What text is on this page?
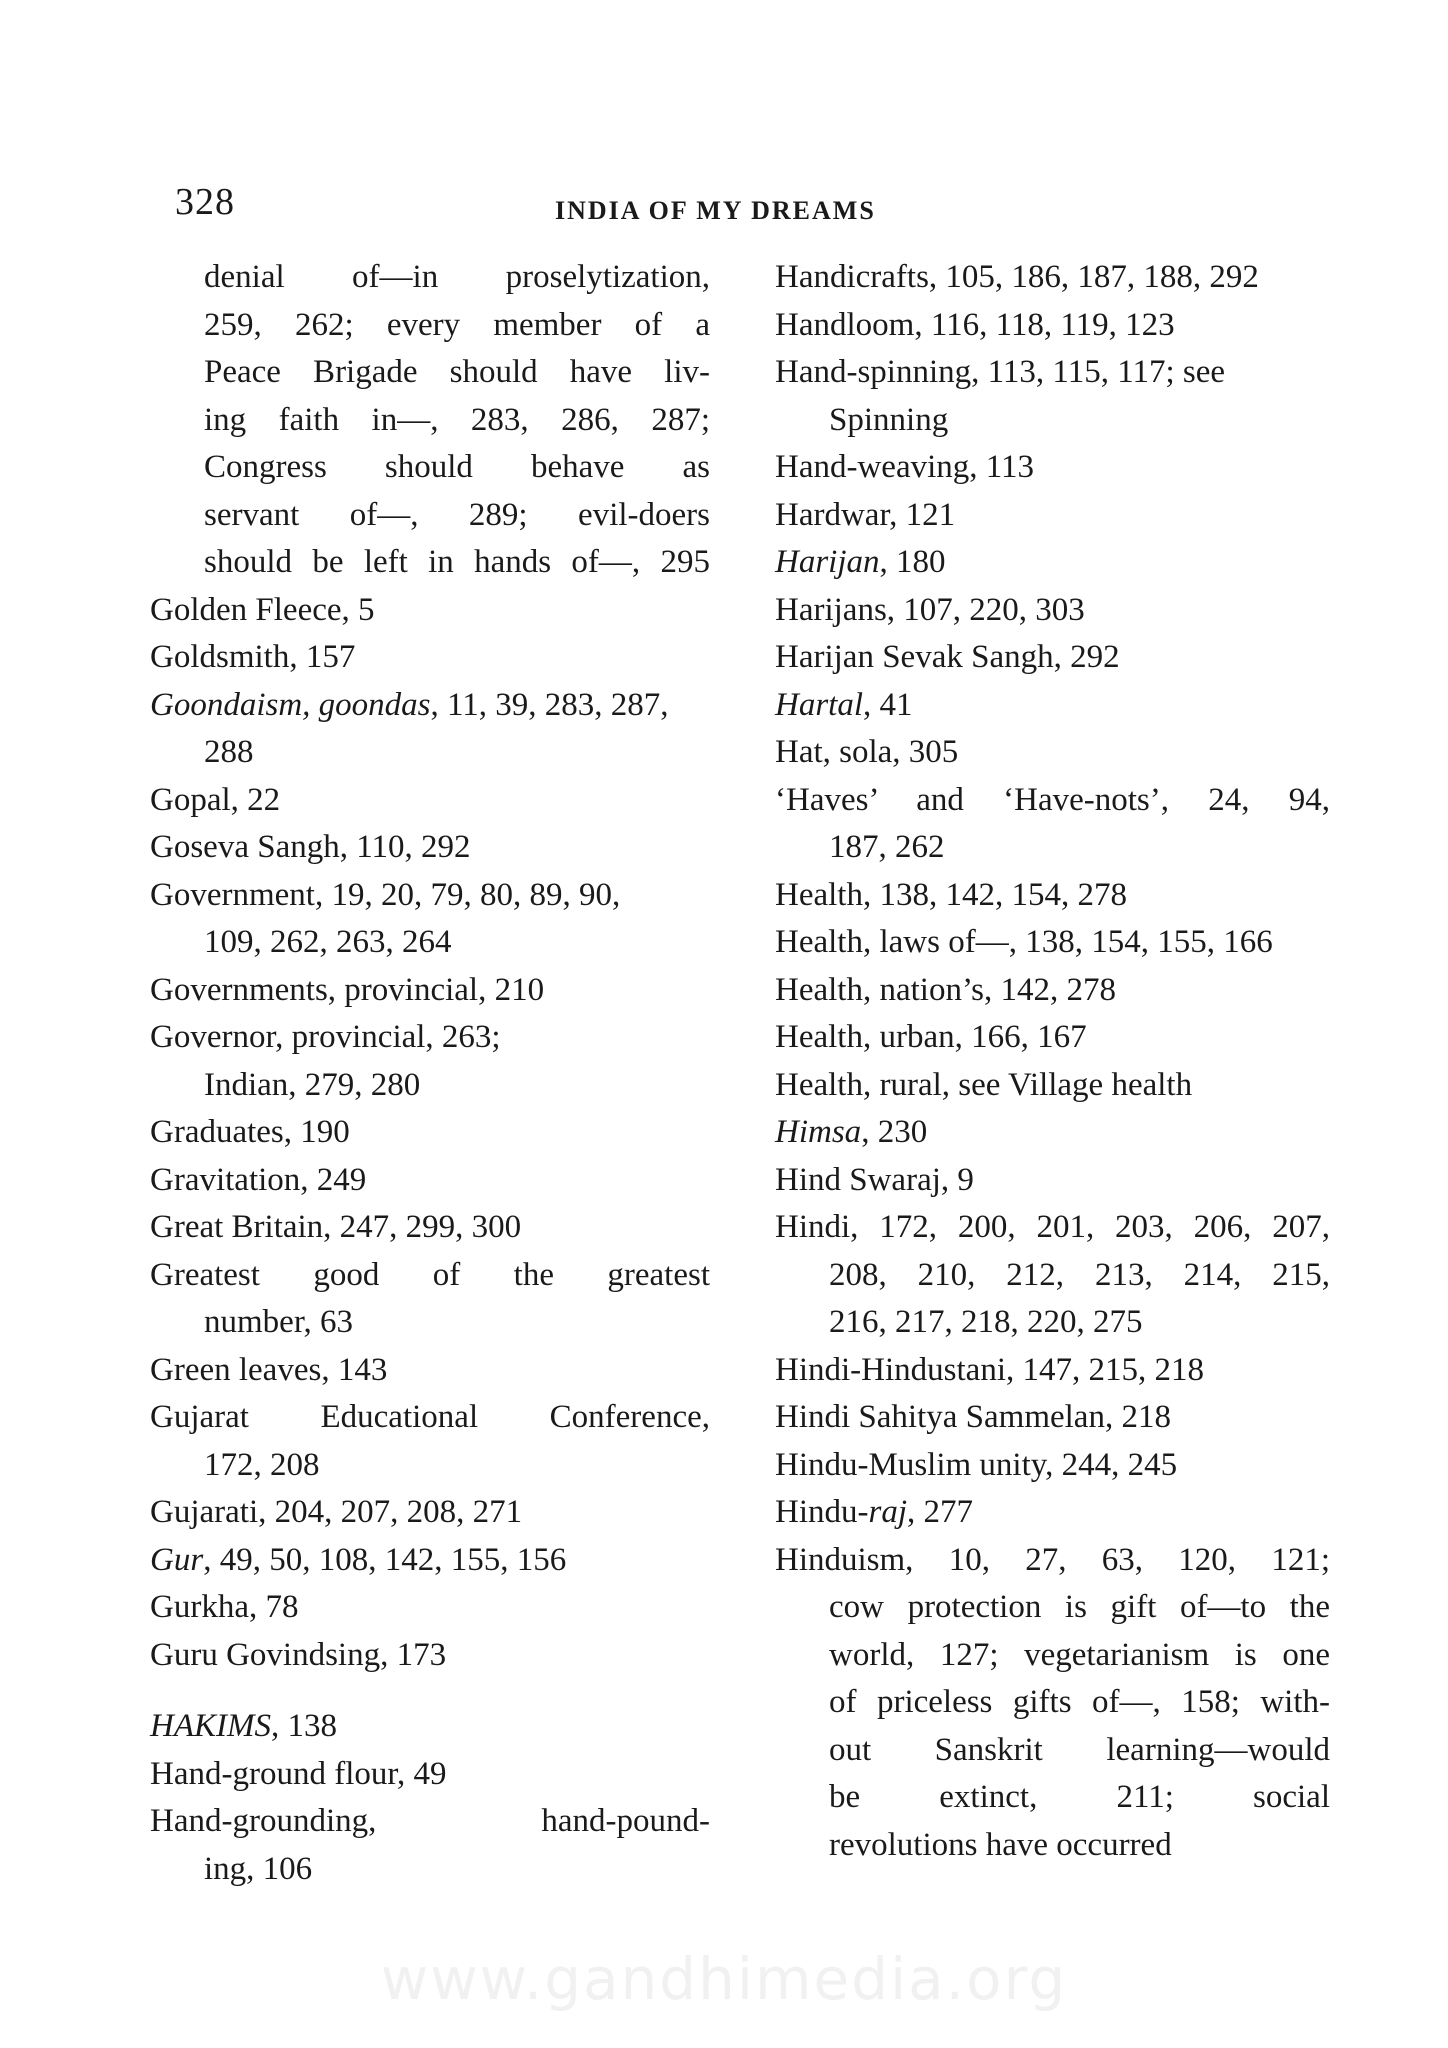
328	INDIA OF MY DREAMS
denial of—in proselytization,
259, 262; every member of a
Peace Brigade should have liv-
ing faith in—, 283, 286, 287;
Congress should behave as
servant of—, 289; evil-doers
should be left in hands of—, 295
Golden Fleece, 5
Goldsmith, 157
Goondaism, goondas, 11, 39, 283, 287,
288
Gopal, 22
Goseva Sangh, 110, 292
Government, 19, 20, 79, 80, 89, 90,
109, 262, 263, 264
Governments, provincial, 210
Governor, provincial, 263;
Indian, 279, 280
Graduates, 190
Gravitation, 249
Great Britain, 247, 299, 300
Greatest good of the greatest
number, 63
Green leaves, 143
Gujarat Educational Conference,
172, 208
Gujarati, 204, 207, 208, 271
Gur, 49, 50, 108, 142, 155, 156
Gurkha, 78
Guru Govindsing, 173
HAKIMS, 138
Hand-ground flour, 49
Hand-grounding, hand-pound-
ing, 106
Handicrafts, 105, 186, 187, 188, 292
Handloom, 116, 118, 119, 123
Hand-spinning, 113, 115, 117; see
Spinning
Hand-weaving, 113
Hardwar, 121
Harijan, 180
Harijans, 107, 220, 303
Harijan Sevak Sangh, 292
Hartal, 41
Hat, sola, 305
‘Haves’ and ‘Have-nots’, 24, 94,
187, 262
Health, 138, 142, 154, 278
Health, laws of—, 138, 154, 155, 166
Health, nation’s, 142, 278
Health, urban, 166, 167
Health, rural, see Village health
Himsa, 230
Hind Swaraj, 9
Hindi, 172, 200, 201, 203, 206, 207,
208, 210, 212, 213, 214, 215,
216, 217, 218, 220, 275
Hindi-Hindustani, 147, 215, 218
Hindi Sahitya Sammelan, 218
Hindu-Muslim unity, 244, 245
Hindu-raj, 277
Hinduism, 10, 27, 63, 120, 121;
cow protection is gift of—to the
world, 127; vegetarianism is one
of priceless gifts of—, 158; with-
out Sanskrit learning—would
be extinct, 211; social
revolutions have occurred
www.gandhimedia.org
